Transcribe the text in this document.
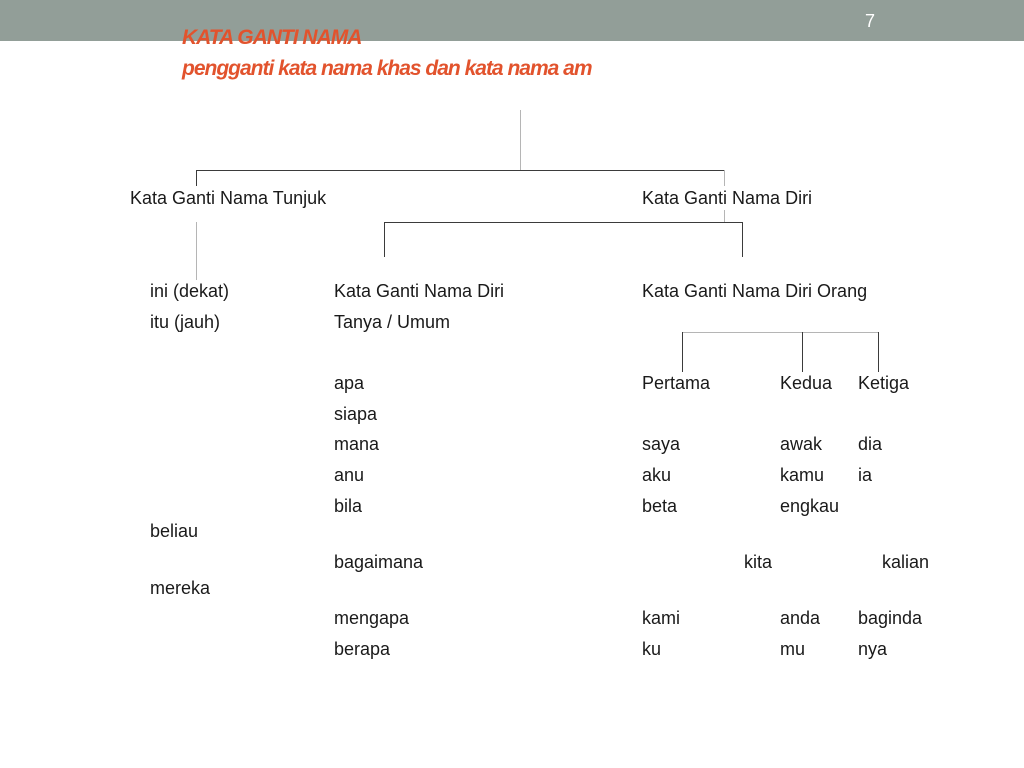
7
KATA GANTI NAMA
pengganti kata nama khas dan kata nama am
Kata Ganti Nama Tunjuk	Kata Ganti Nama Diri
ini (dekat)
itu (jauh)
Kata Ganti Nama Diri
Tanya / Umum
apa
siapa
mana
anu
bila
bagaimana
mengapa
berapa
Kata Ganti Nama Diri Orang
Pertama	Kedua Ketiga
saya
aku
beta
kita
kami
ku
awak
kamu
engkau
kalian
anda
mu
dia
ia
beliau
mereka
baginda
nya
